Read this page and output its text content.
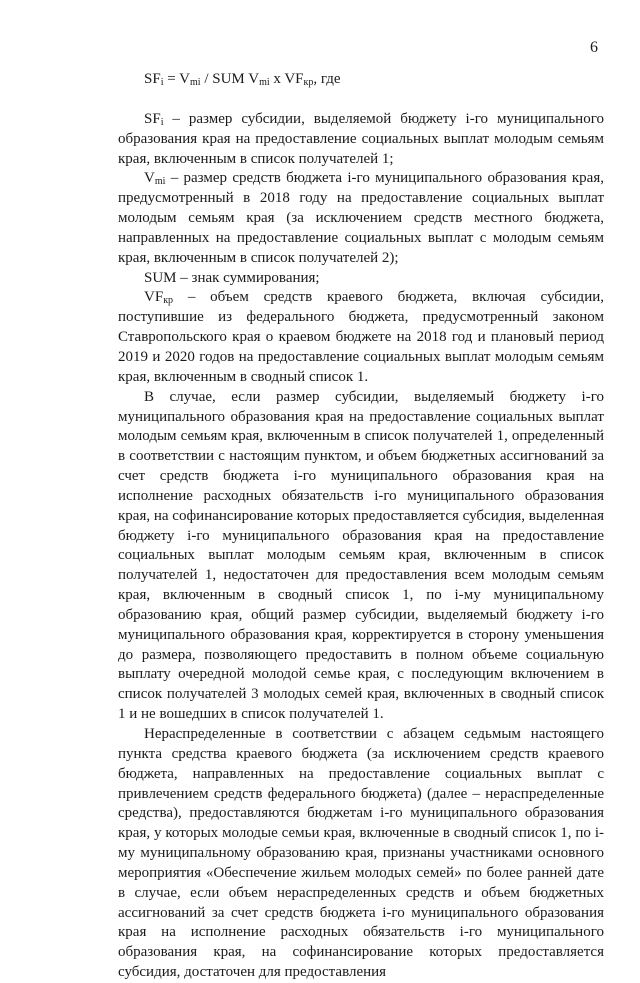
6

$SF_i = V_{mi}$ / SUM $V_{mi}$ x $VF_{кр}$, где

$SF_i$ – размер субсидии, выделяемой бюджету i-го муниципального образования края на предоставление социальных выплат молодым семьям края, включенным в список получателей 1;

$V_{mi}$ – размер средств бюджета i-го муниципального образования края, предусмотренный в 2018 году на предоставление социальных выплат молодым семьям края (за исключением средств местного бюджета, направленных на предоставление социальных выплат с молодым семьям края, включенным в список получателей 2);

SUM – знак суммирования;

$VF_{кр}$ – объем средств краевого бюджета, включая субсидии, поступившие из федерального бюджета, предусмотренный законом Ставропольского края о краевом бюджете на 2018 год и плановый период 2019 и 2020 годов на предоставление социальных выплат молодым семьям края, включенным в сводный список 1.

В случае, если размер субсидии, выделяемый бюджету i-го муниципального образования края на предоставление социальных выплат молодым семьям края, включенным в список получателей 1, определенный в соответствии с настоящим пунктом, и объем бюджетных ассигнований за счет средств бюджета i-го муниципального образования края на исполнение расходных обязательств i-го муниципального образования края, на софинансирование которых предоставляется субсидия, выделенная бюджету i-го муниципального образования края на предоставление социальных выплат молодым семьям края, включенным в список получателей 1, недостаточен для предоставления всем молодым семьям края, включенным в сводный список 1, по i-му муниципальному образованию края, общий размер субсидии, выделяемый бюджету i-го муниципального образования края, корректируется в сторону уменьшения до размера, позволяющего предоставить в полном объеме социальную выплату очередной молодой семье края, с последующим включением в список получателей 3 молодых семей края, включенных в сводный список 1 и не вошедших в список получателей 1.

Нераспределенные в соответствии с абзацем седьмым настоящего пункта средства краевого бюджета (за исключением средств краевого бюджета, направленных на предоставление социальных выплат с привлечением средств федерального бюджета) (далее – нераспределенные средства), предоставляются бюджетам i-го муниципального образования края, у которых молодые семьи края, включенные в сводный список 1, по i-му муниципальному образованию края, признаны участниками основного мероприятия «Обеспечение жильем молодых семей» по более ранней дате в случае, если объем нераспределенных средств и объем бюджетных ассигнований за счет средств бюджета i-го муниципального образования края на исполнение расходных обязательств i-го муниципального образования края, на софинансирование которых предоставляется субсидия, достаточен для предоставления
